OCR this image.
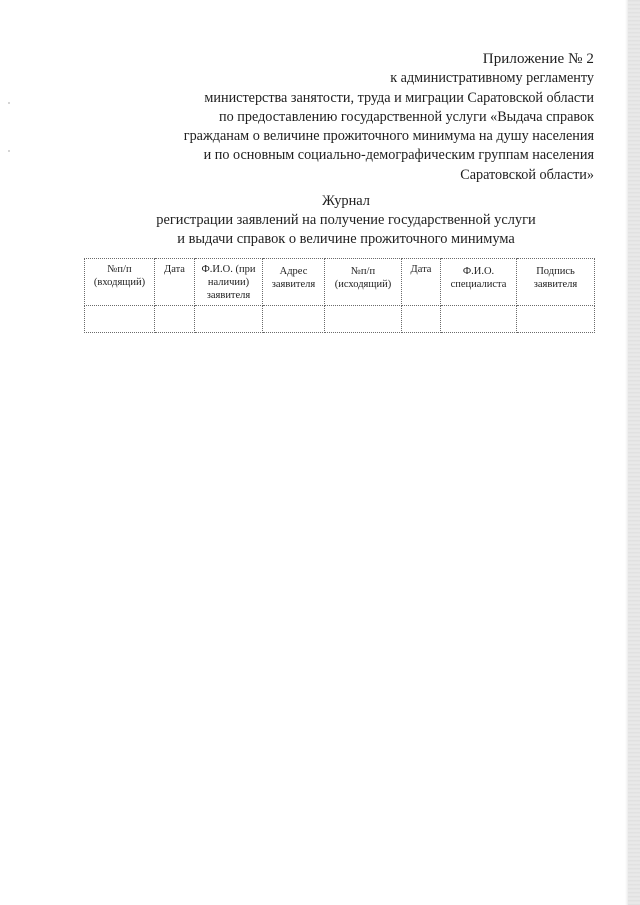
Приложение № 2
к административному регламенту
министерства занятости, труда и миграции Саратовской области
по предоставлению государственной услуги «Выдача справок
гражданам о величине прожиточного минимума на душу населения
и по основным социально-демографическим группам населения
Саратовской области»
Журнал
регистрации заявлений на получение государственной услуги
и выдачи справок о величине прожиточного минимума
№п/п (входящий)	Дата	Ф.И.О. (при наличии) заявителя	Адрес заявителя	№п/п (исходящий)	Дата	Ф.И.О. специалиста	Подпись заявителя
